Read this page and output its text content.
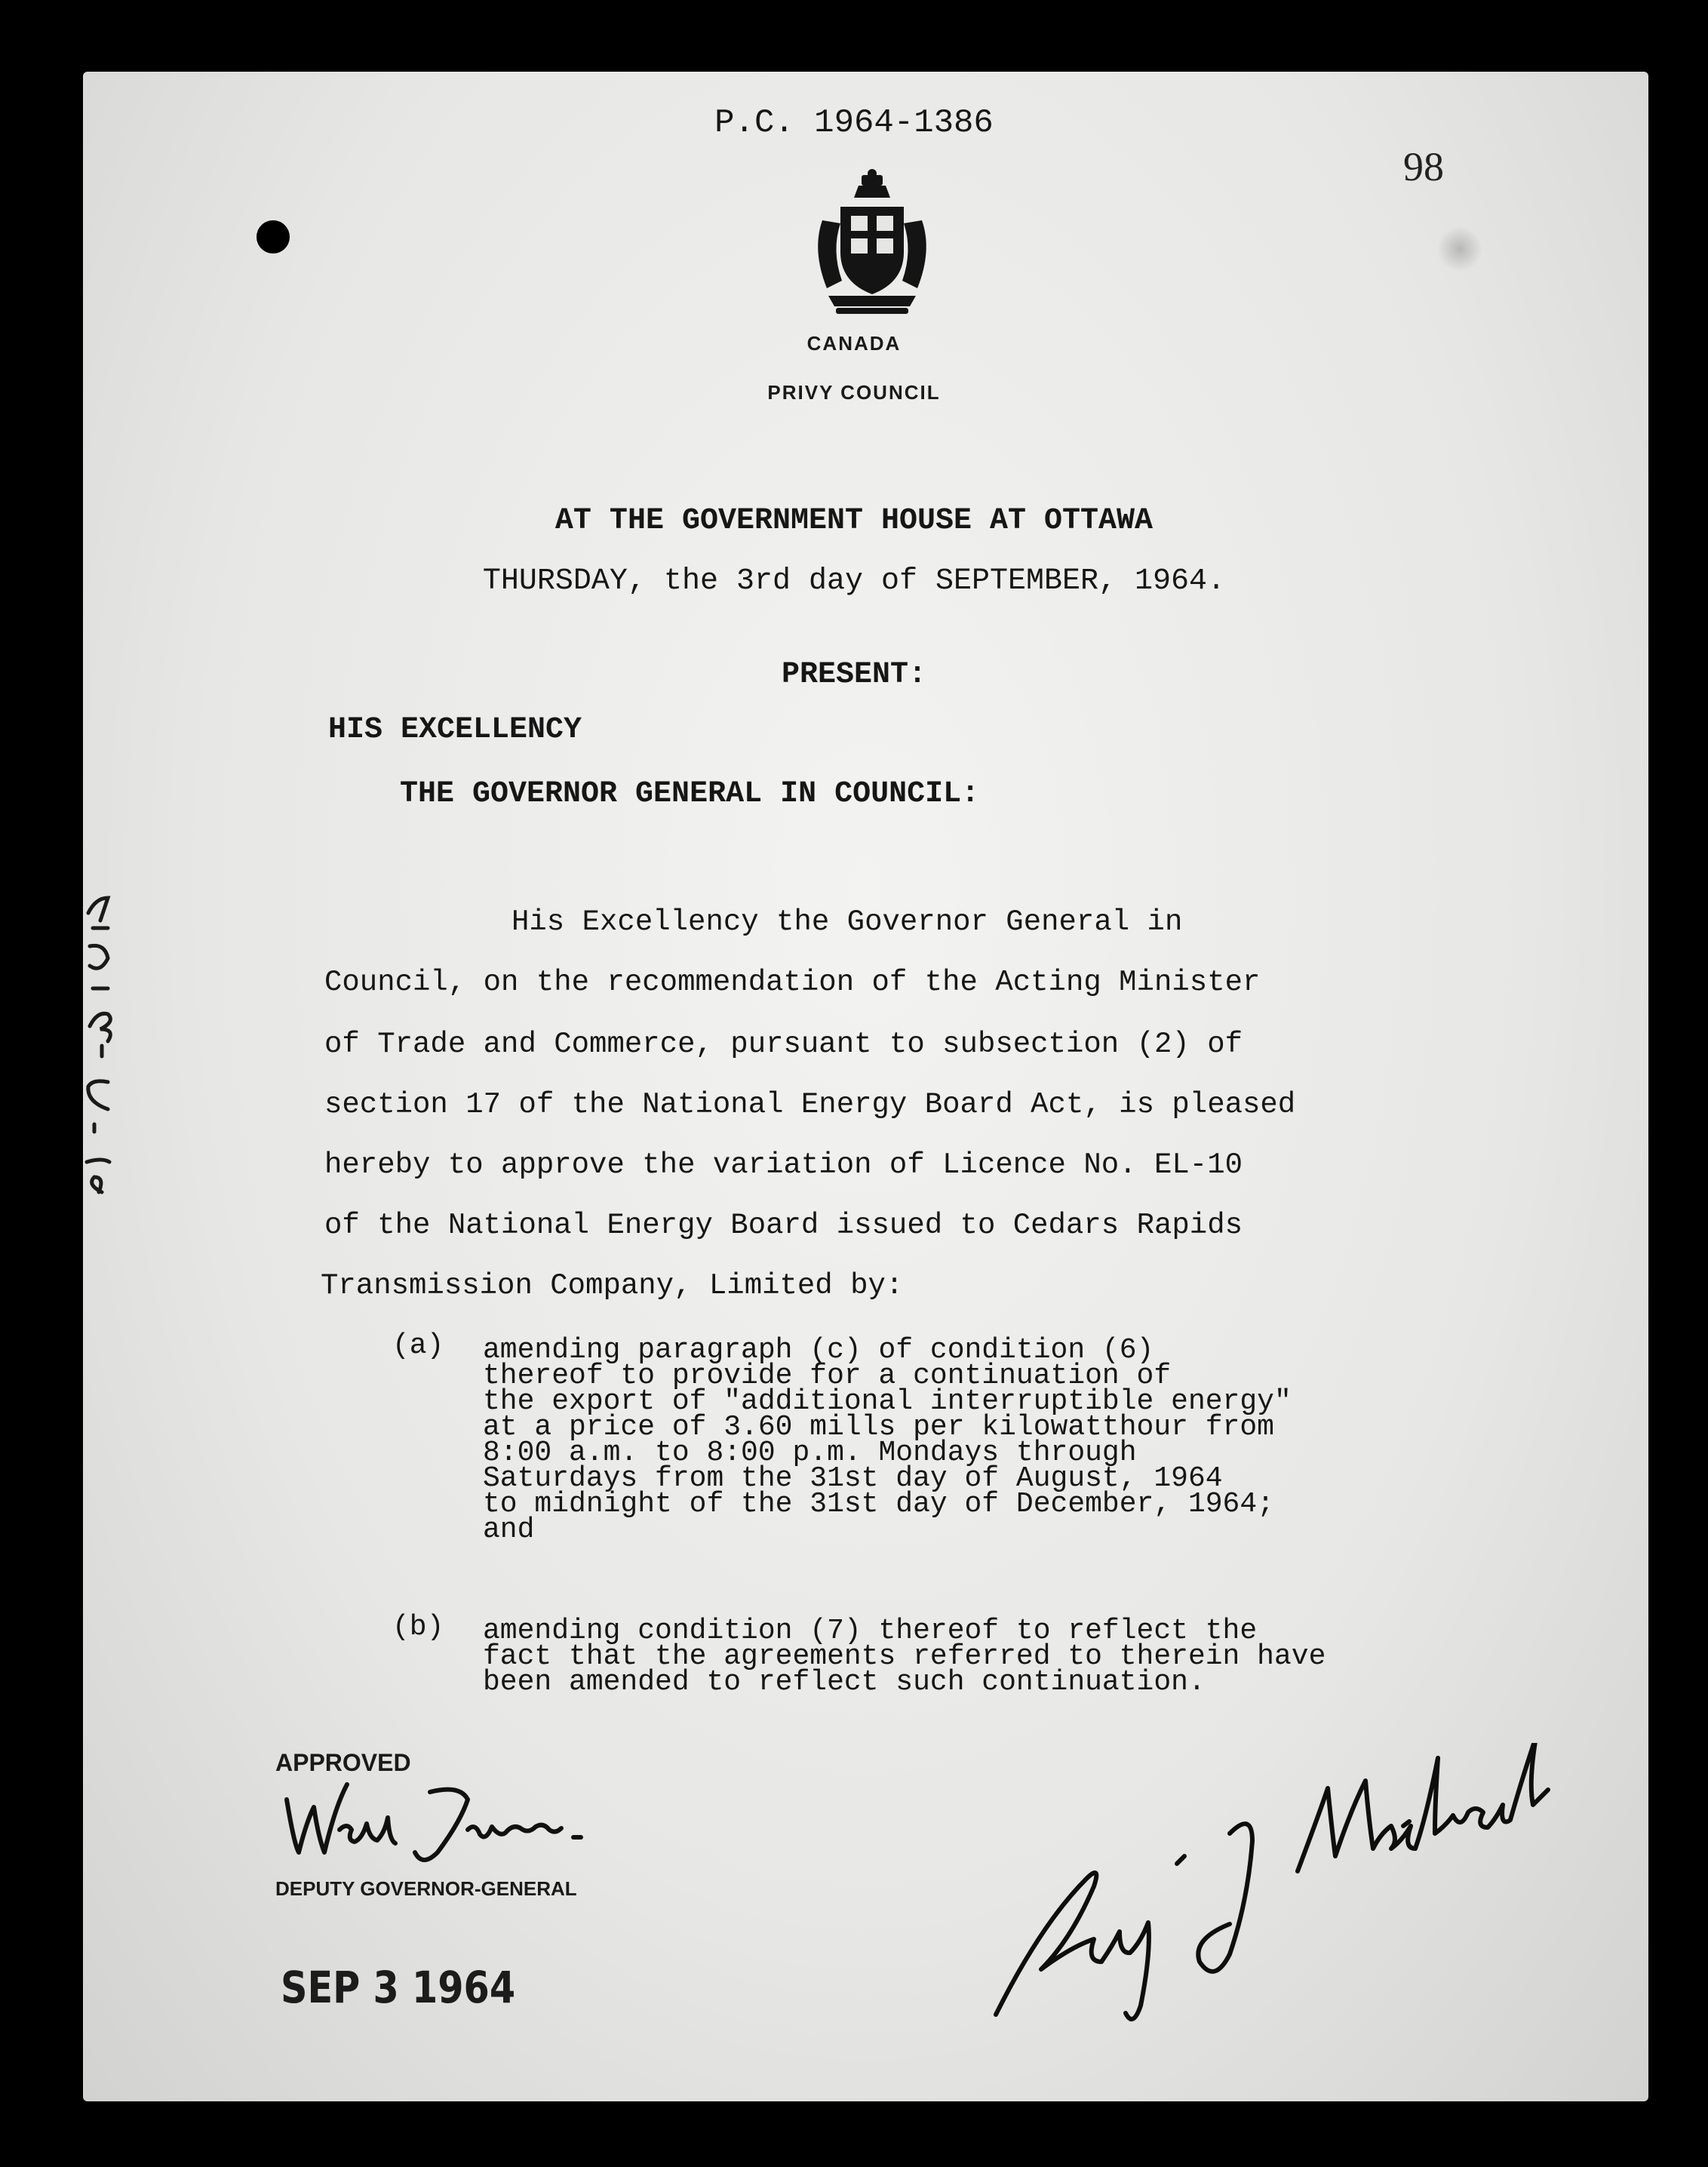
P.C. 1964-1386
98
CANADA
PRIVY COUNCIL
AT THE GOVERNMENT HOUSE AT OTTAWA
THURSDAY, the 3rd day of SEPTEMBER, 1964.
PRESENT:
HIS EXCELLENCY
THE GOVERNOR GENERAL IN COUNCIL:
His Excellency the Governor General in
Council, on the recommendation of the Acting Minister
of Trade and Commerce, pursuant to subsection (2) of
section 17 of the National Energy Board Act, is pleased
hereby to approve the variation of Licence No. EL-10
of the National Energy Board issued to Cedars Rapids
Transmission Company, Limited by:
(a) amending paragraph (c) of condition (6)
thereof to provide for a continuation of
the export of "additional interruptible energy"
at a price of 3.60 mills per kilowatthour from
8:00 a.m. to 8:00 p.m. Mondays through
Saturdays from the 31st day of August, 1964
to midnight of the 31st day of December, 1964;
and
(b) amending condition (7) thereof to reflect the
fact that the agreements referred to therein have
been amended to reflect such continuation.
APPROVED
DEPUTY GOVERNOR-GENERAL
SEP 3 1964
